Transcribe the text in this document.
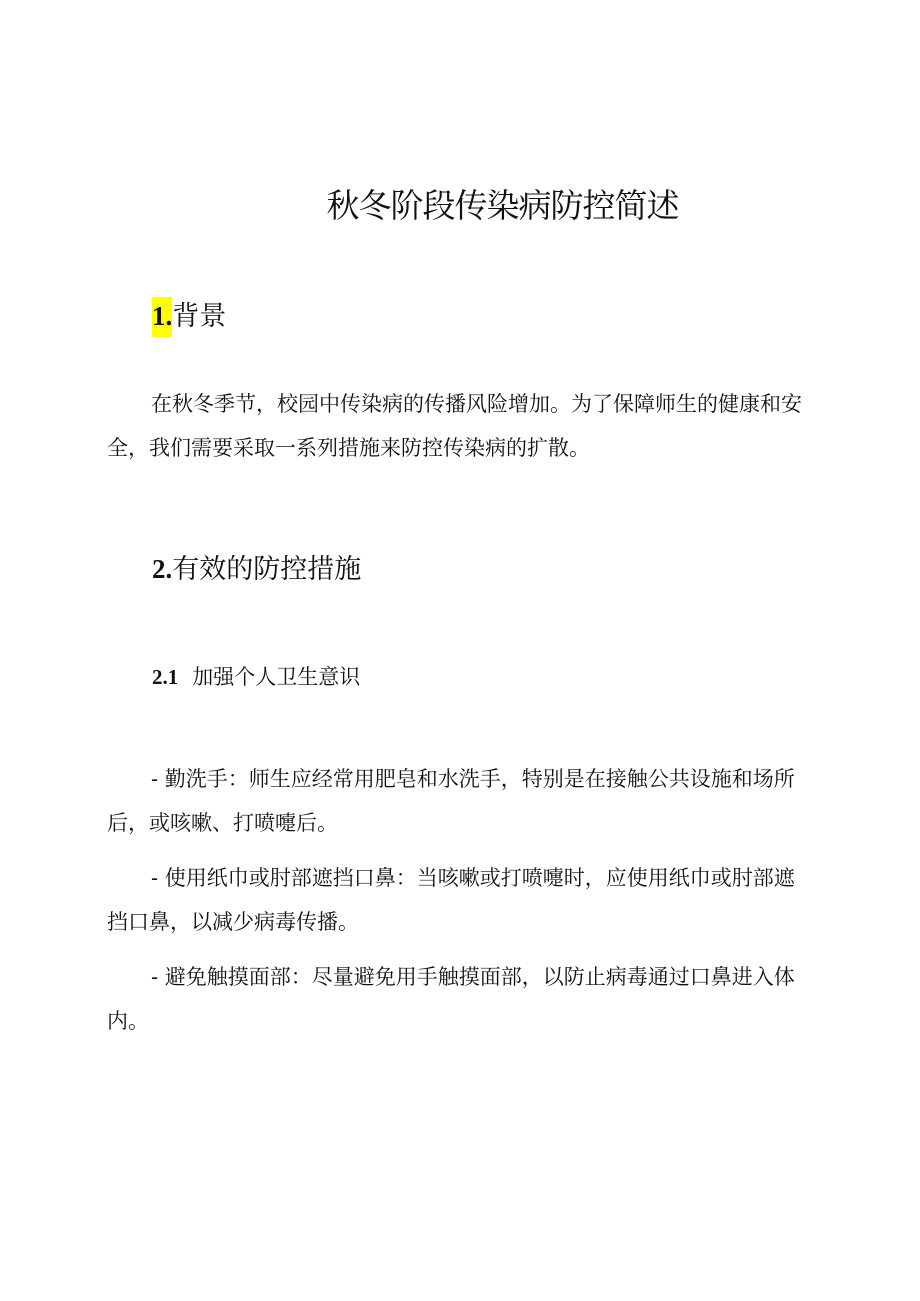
秋冬阶段传染病防控简述
1.背景

在秋冬季节，校园中传染病的传播风险增加。为了保障师生的健康和安全，我们需要采取一系列措施来防控传染病的扩散。

2.有效的防控措施
2.1 加强个人卫生意识

- 勤洗手：师生应经常用肥皂和水洗手，特别是在接触公共设施和场所后，或咳嗽、打喷嚏后。

- 使用纸巾或肘部遮挡口鼻：当咳嗽或打喷嚏时，应使用纸巾或肘部遮挡口鼻，以减少病毒传播。

- 避免触摸面部：尽量避免用手触摸面部，以防止病毒通过口鼻进入体内。
